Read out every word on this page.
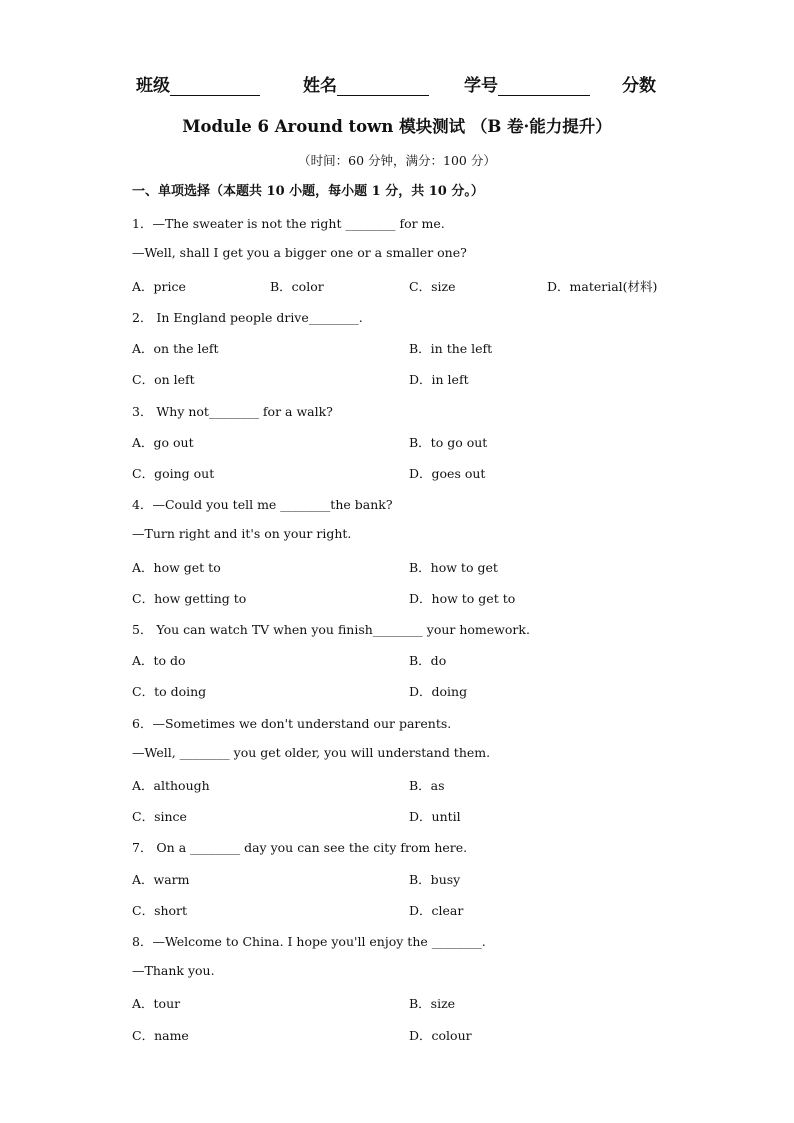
班级	姓名	学号	分数
Module 6 Around town 模块测试 （B 卷·能力提升）
（时间：60 分钟，满分：100 分）
一、单项选择（本题共 10 小题，每小题 1 分，共 10 分。）
1．—The sweater is not the right ________ for me.
—Well, shall I get you a bigger one or a smaller one?
A．price	B．color	C．size	D．material(材料)
2． In England people drive________.
A．on the left	B．in the left
C．on left	D．in left
3． Why not________ for a walk?
A．go out	B．to go out
C．going out	D．goes out
4．—Could you tell me ________the bank?
—Turn right and it's on your right.
A．how get to	B．how to get
C．how getting to	D．how to get to
5． You can watch TV when you finish________ your homework.
A．to do	B．do
C．to doing	D．doing
6．—Sometimes we don't understand our parents.
—Well, ________ you get older, you will understand them.
A．although	B．as
C．since	D．until
7． On a ________ day you can see the city from here.
A．warm	B．busy
C．short	D．clear
8．—Welcome to China. I hope you'll enjoy the ________.
—Thank you.
A．tour	B．size
C．name	D．colour
